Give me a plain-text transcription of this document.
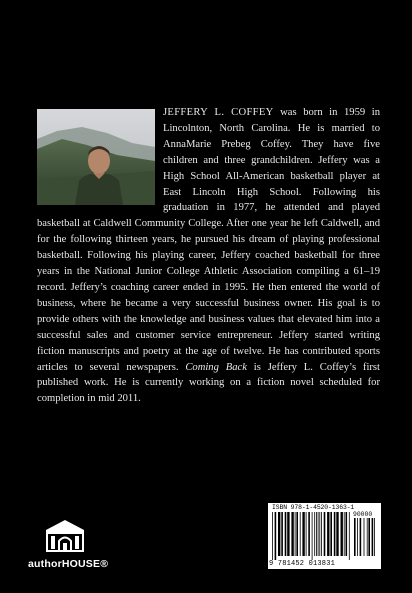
JEFFERY L. COFFEY was born in 1959 in Lincolnton, North Carolina. He is married to AnnaMarie Prebeg Coffey. They have five children and three grandchildren. Jeffery was a High School All-American basketball player at East Lincoln High School. Following his graduation in 1977, he attended and played basketball at Caldwell Community College. After one year he left Caldwell, and for the following thirteen years, he pursued his dream of playing professional basketball. Following his playing career, Jeffery coached basketball for three years in the National Junior College Athletic Association compiling a 61–19 record. Jeffery’s coaching career ended in 1995. He then entered the world of business, where he became a very successful business owner. His goal is to provide others with the knowledge and business values that elevated him into a successful sales and customer service entrepreneur. Jeffery started writing fiction manuscripts and poetry at the age of twelve. He has contributed sports articles to several newspapers. Coming Back is Jeffery L. Coffey’s first published work. He is currently working on a fiction novel scheduled for completion in mid 2011.

authorHOUSE®
ISBN 978-1-4520-1363-1
90000
9 781452 013831
